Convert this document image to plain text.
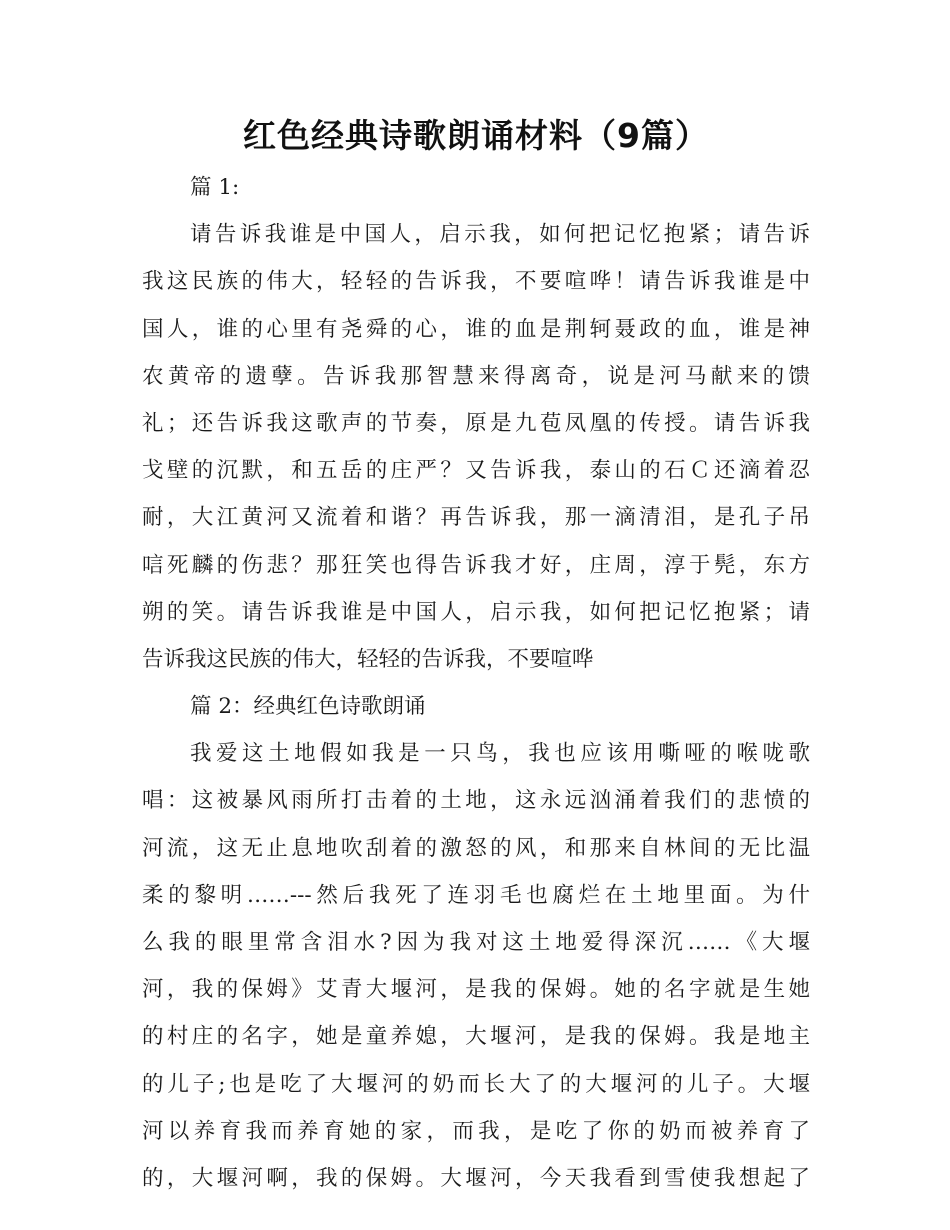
红色经典诗歌朗诵材料（9篇）

篇 1:

请告诉我谁是中国人，启示我，如何把记忆抱紧；请告诉

我这民族的伟大，轻轻的告诉我，不要喧哗！请告诉我谁是中

国人，谁的心里有尧舜的心，谁的血是荆轲聂政的血，谁是神

农黄帝的遗孽。告诉我那智慧来得离奇，说是河马献来的馈

礼；还告诉我这歌声的节奏，原是九苞凤凰的传授。请告诉我

戈壁的沉默，和五岳的庄严？又告诉我，泰山的石Ｃ还滴着忍

耐，大江黄河又流着和谐？再告诉我，那一滴清泪，是孔子吊

唁死麟的伤悲？那狂笑也得告诉我才好，庄周，淳于髡，东方

朔的笑。请告诉我谁是中国人，启示我，如何把记忆抱紧；请

告诉我这民族的伟大，轻轻的告诉我，不要喧哗

篇 2：经典红色诗歌朗诵

我爱这土地假如我是一只鸟，我也应该用嘶哑的喉咙歌

唱：这被暴风雨所打击着的土地，这永远汹涌着我们的悲愤的

河流，这无止息地吹刮着的激怒的风，和那来自林间的无比温

柔的黎明……---然后我死了连羽毛也腐烂在土地里面。为什

么我的眼里常含泪水?因为我对这土地爱得深沉……《大堰

河，我的保姆》艾青大堰河，是我的保姆。她的名字就是生她

的村庄的名字，她是童养媳，大堰河，是我的保姆。我是地主

的儿子;也是吃了大堰河的奶而长大了的大堰河的儿子。大堰

河以养育我而养育她的家，而我，是吃了你的奶而被养育了

的，大堰河啊，我的保姆。大堰河，今天我看到雪使我想起了
